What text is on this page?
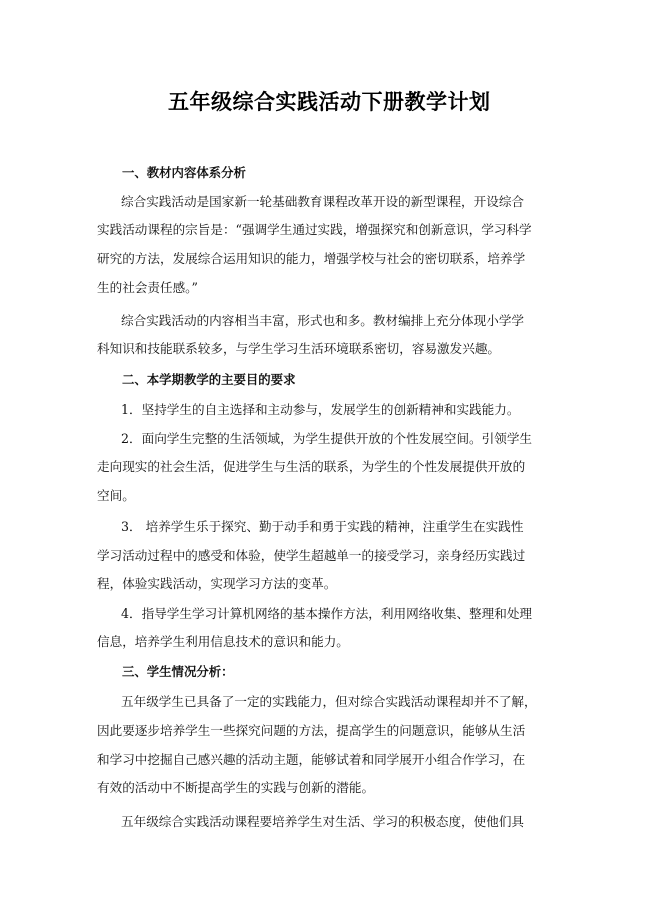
五年级综合实践活动下册教学计划
一、教材内容体系分析
综合实践活动是国家新一轮基础教育课程改革开设的新型课程，开设综合
实践活动课程的宗旨是：“强调学生通过实践，增强探究和创新意识，学习科学
研究的方法，发展综合运用知识的能力，增强学校与社会的密切联系，培养学
生的社会责任感。”
综合实践活动的内容相当丰富，形式也和多。教材编排上充分体现小学学
科知识和技能联系较多，与学生学习生活环境联系密切，容易激发兴趣。
二、本学期教学的主要目的要求
1．坚持学生的自主选择和主动参与，发展学生的创新精神和实践能力。
2．面向学生完整的生活领域，为学生提供开放的个性发展空间。引领学生
走向现实的社会生活，促进学生与生活的联系，为学生的个性发展提供开放的
空间。
3． 培养学生乐于探究、勤于动手和勇于实践的精神，注重学生在实践性
学习活动过程中的感受和体验，使学生超越单一的接受学习，亲身经历实践过
程，体验实践活动，实现学习方法的变革。
4．指导学生学习计算机网络的基本操作方法，利用网络收集、整理和处理
信息，培养学生利用信息技术的意识和能力。
三、学生情况分析：
五年级学生已具备了一定的实践能力，但对综合实践活动课程却并不了解，
因此要逐步培养学生一些探究问题的方法，提高学生的问题意识，能够从生活
和学习中挖掘自己感兴趣的活动主题，能够试着和同学展开小组合作学习，在
有效的活动中不断提高学生的实践与创新的潜能。
五年级综合实践活动课程要培养学生对生活、学习的积极态度，使他们具
